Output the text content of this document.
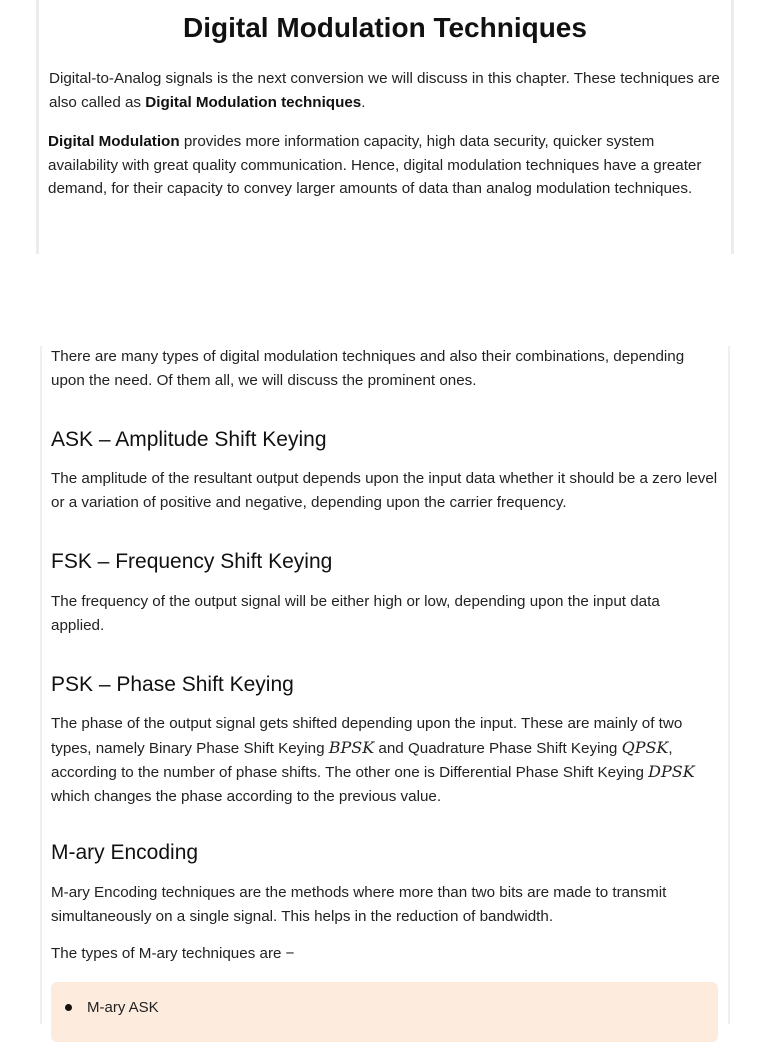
Digital Modulation Techniques

Digital-to-Analog signals is the next conversion we will discuss in this chapter. These techniques are also called as Digital Modulation techniques.

Digital Modulation provides more information capacity, high data security, quicker system availability with great quality communication. Hence, digital modulation techniques have a greater demand, for their capacity to convey larger amounts of data than analog modulation techniques.

There are many types of digital modulation techniques and also their combinations, depending upon the need. Of them all, we will discuss the prominent ones.

ASK – Amplitude Shift Keying

The amplitude of the resultant output depends upon the input data whether it should be a zero level or a variation of positive and negative, depending upon the carrier frequency.

FSK – Frequency Shift Keying

The frequency of the output signal will be either high or low, depending upon the input data applied.

PSK – Phase Shift Keying

The phase of the output signal gets shifted depending upon the input. These are mainly of two types, namely Binary Phase Shift Keying BPSK and Quadrature Phase Shift Keying QPSK, according to the number of phase shifts. The other one is Differential Phase Shift Keying DPSK which changes the phase according to the previous value.

M-ary Encoding

M-ary Encoding techniques are the methods where more than two bits are made to transmit simultaneously on a single signal. This helps in the reduction of bandwidth.

The types of M-ary techniques are −

M-ary ASK
